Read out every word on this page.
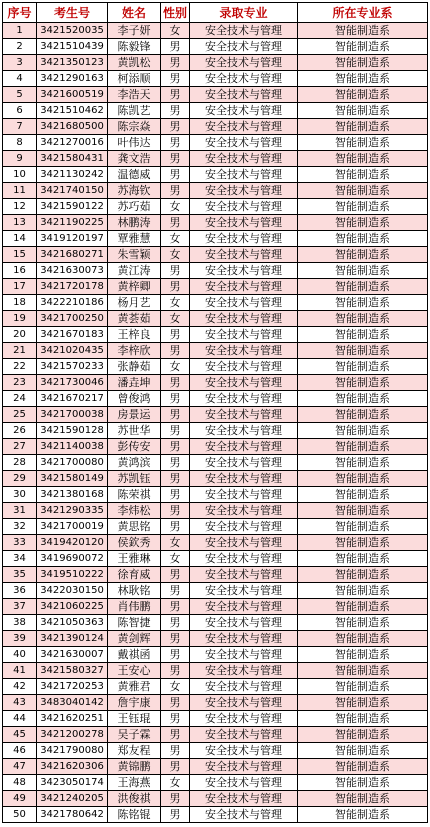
序号	考生号	姓名	性别	录取专业	所在专业系
1	3421520035	李子妍	女	安全技术与管理	智能制造系
2	3421510439	陈毅锋	男	安全技术与管理	智能制造系
3	3421350123	黄凯松	男	安全技术与管理	智能制造系
4	3421290163	柯添顺	男	安全技术与管理	智能制造系
5	3421600519	李浩天	男	安全技术与管理	智能制造系
6	3421510462	陈凯艺	男	安全技术与管理	智能制造系
7	3421680500	陈宗焱	男	安全技术与管理	智能制造系
8	3421270016	叶伟达	男	安全技术与管理	智能制造系
9	3421580431	龚文浩	男	安全技术与管理	智能制造系
10	3421130242	温德威	男	安全技术与管理	智能制造系
11	3421740150	苏海钦	男	安全技术与管理	智能制造系
12	3421590122	苏巧茹	女	安全技术与管理	智能制造系
13	3421190225	林鹏涛	男	安全技术与管理	智能制造系
14	3419120197	覃雅慧	女	安全技术与管理	智能制造系
15	3421680271	朱雪颖	女	安全技术与管理	智能制造系
16	3421630073	黄江涛	男	安全技术与管理	智能制造系
17	3421720178	黄梓卿	男	安全技术与管理	智能制造系
18	3422210186	杨月艺	女	安全技术与管理	智能制造系
19	3421700250	黄荟茹	女	安全技术与管理	智能制造系
20	3421670183	王梓良	男	安全技术与管理	智能制造系
21	3421020435	李梓欣	男	安全技术与管理	智能制造系
22	3421570233	张静茹	女	安全技术与管理	智能制造系
23	3421730046	潘垚坤	男	安全技术与管理	智能制造系
24	3421670217	曾俊鸿	男	安全技术与管理	智能制造系
25	3421700038	房景运	男	安全技术与管理	智能制造系
26	3421590128	苏世华	男	安全技术与管理	智能制造系
27	3421140038	彭传安	男	安全技术与管理	智能制造系
28	3421700080	黄鸿滨	男	安全技术与管理	智能制造系
29	3421580149	苏凯钰	男	安全技术与管理	智能制造系
30	3421380168	陈荣祺	男	安全技术与管理	智能制造系
31	3421290335	李炜松	男	安全技术与管理	智能制造系
32	3421700019	黄思铭	男	安全技术与管理	智能制造系
33	3419420120	侯欽秀	女	安全技术与管理	智能制造系
34	3419690072	王雅琳	女	安全技术与管理	智能制造系
35	3419510222	徐育威	男	安全技术与管理	智能制造系
36	3422030150	林耿铭	男	安全技术与管理	智能制造系
37	3421060225	肖伟鹏	男	安全技术与管理	智能制造系
38	3421050363	陈智捷	男	安全技术与管理	智能制造系
39	3421390124	黄剑辉	男	安全技术与管理	智能制造系
40	3421630007	戴祺函	男	安全技术与管理	智能制造系
41	3421580327	王安心	男	安全技术与管理	智能制造系
42	3421720253	黄雅君	女	安全技术与管理	智能制造系
43	3483040142	詹宇康	男	安全技术与管理	智能制造系
44	3421620251	王钰琨	男	安全技术与管理	智能制造系
45	3421200278	吴子霖	男	安全技术与管理	智能制造系
46	3421790080	郑友程	男	安全技术与管理	智能制造系
47	3421620306	黄锦鹏	男	安全技术与管理	智能制造系
48	3423050174	王海燕	女	安全技术与管理	智能制造系
49	3421240205	洪俊祺	男	安全技术与管理	智能制造系
50	3421780642	陈铭锟	男	安全技术与管理	智能制造系
